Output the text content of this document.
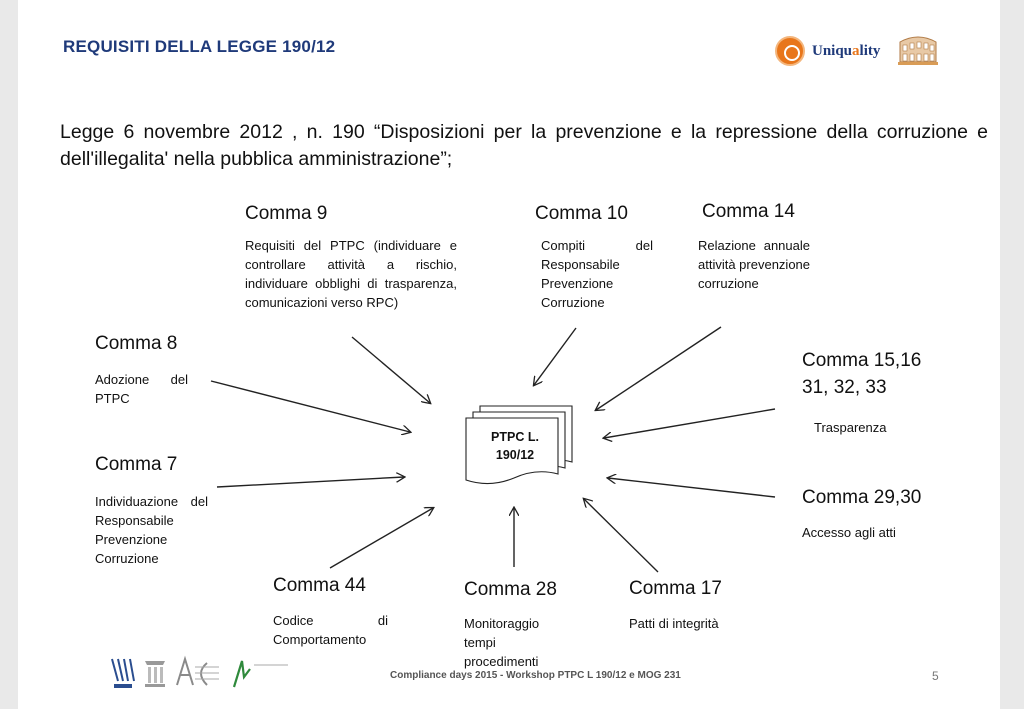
REQUISITI DELLA LEGGE 190/12	Uniquality
Legge 6 novembre 2012 , n. 190 “Disposizioni per la prevenzione e la repressione della corruzione e dell'illegalita' nella pubblica amministrazione”;
PTPC L.
190/12
Comma 9
Requisiti del PTPC (individuare e controllare attività a rischio, individuare obblighi di trasparenza, comunicazioni verso RPC)
Comma 10
Compiti del Responsabile Prevenzione Corruzione
Comma 14
Relazione annuale attività prevenzione corruzione
Comma 8
Adozione del PTPC
Comma 15,16
31, 32, 33
Trasparenza
Comma 7
Individuazione del Responsabile Prevenzione Corruzione
Comma 29,30
Accesso agli atti
Comma 44
Codice di Comportamento
Comma 28
Monitoraggio tempi procedimenti
Comma 17
Patti di integrità
Compliance days 2015 - Workshop PTPC L 190/12 e MOG 231	5
